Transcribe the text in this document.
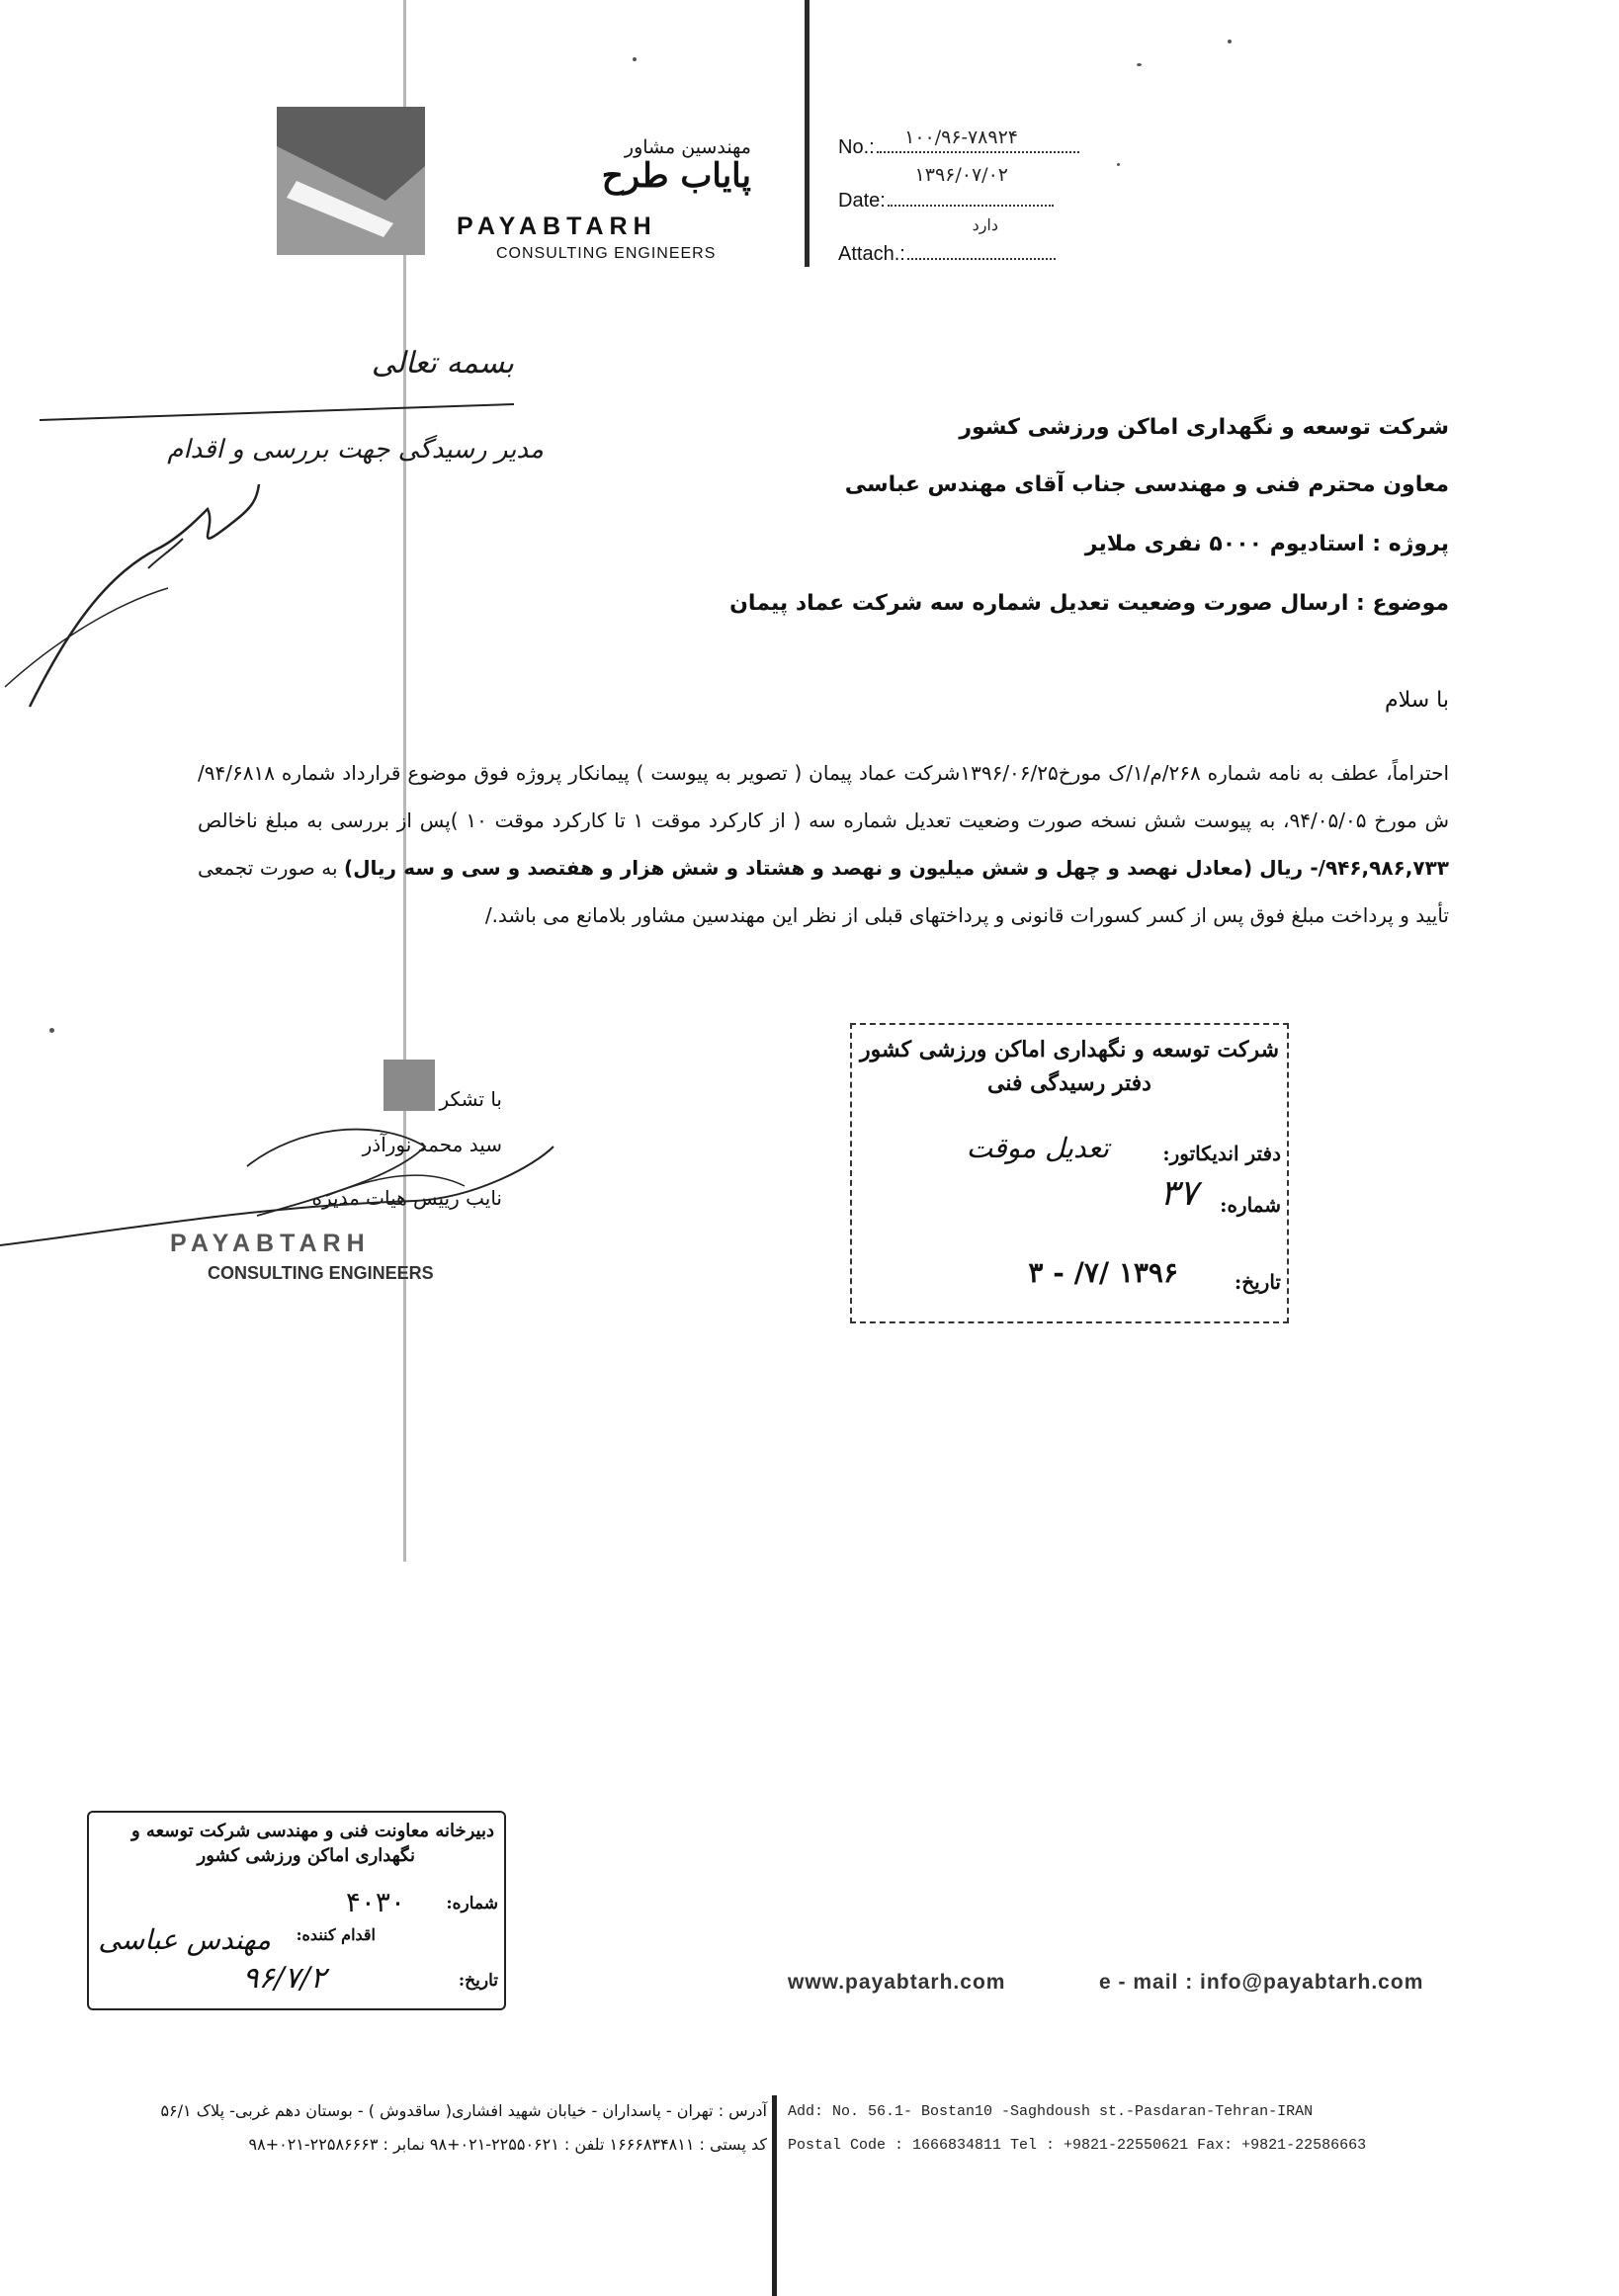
مهندسین مشاور
پایاب طرح
PAYABTARH
CONSULTING ENGINEERS
۱۰۰/۹۶-۷۸۹۲۴
No.:
۱۳۹۶/۰۷/۰۲
Date:
دارد
Attach.:
بسمه تعالی
مدیر رسیدگی جهت بررسی و اقدام
شرکت توسعه و نگهداری اماکن ورزشی کشور
معاون محترم فنی و مهندسی جناب آقای مهندس عباسی
پروژه : استادیوم ۵۰۰۰ نفری ملایر
موضوع : ارسال صورت وضعیت تعدیل شماره سه شرکت عماد پیمان
با سلام
احتراماً، عطف به نامه شماره ۲۶۸/م/۱/ک مورخ۱۳۹۶/۰۶/۲۵شرکت عماد پیمان ( تصویر به پیوست ) پیمانکار پروژه فوق موضوع قرارداد شماره ۹۴/۶۸۱۸/ش مورخ ۹۴/۰۵/۰۵، به پیوست شش نسخه صورت وضعیت تعدیل شماره سه ( از کارکرد موقت ۱ تا کارکرد موقت ۱۰ )پس از بررسی به مبلغ ناخالص ۹۴۶,۹۸۶,۷۳۳/- ریال (معادل نهصد و چهل و شش میلیون و نهصد و هشتاد و شش هزار و هفتصد و سی و سه ریال) به صورت تجمعی تأیید و پرداخت مبلغ فوق پس از کسر کسورات قانونی و پرداختهای قبلی از نظر این مهندسین مشاور بلامانع می باشد./
شرکت توسعه و نگهداری اماکن ورزشی کشور
دفتر رسیدگی فنی
دفتر اندیکاتور:
تعدیل موقت
شماره:
۳۷
تاریخ:
۱۳۹۶ /۷/ - ۳
با تشکر
سید محمد نورآذر
نایب رییس هیات مدیره
PAYABTARH
CONSULTING ENGINEERS
دبیرخانه معاونت فنی و مهندسی شرکت توسعه و
نگهداری اماکن ورزشی کشور
شماره:
۴۰۳۰
اقدام کننده:
مهندس عباسی
تاریخ:
۹۶/۷/۲	www.payabtarh.com	e - mail : info@payabtarh.com
آدرس : تهران - پاسداران - خیابان شهید افشاری( ساقدوش ) - بوستان دهم غربی- پلاک ۵۶/۱
کد پستی : ۱۶۶۶۸۳۴۸۱۱ تلفن : ۲۲۵۵۰۶۲۱-۰۲۱+۹۸ نمابر : ۲۲۵۸۶۶۶۳-۰۲۱+۹۸
Add: No. 56.1- Bostan10 -Saghdoush st.-Pasdaran-Tehran-IRAN
Postal Code : 1666834811 Tel : +9821-22550621 Fax: +9821-22586663
